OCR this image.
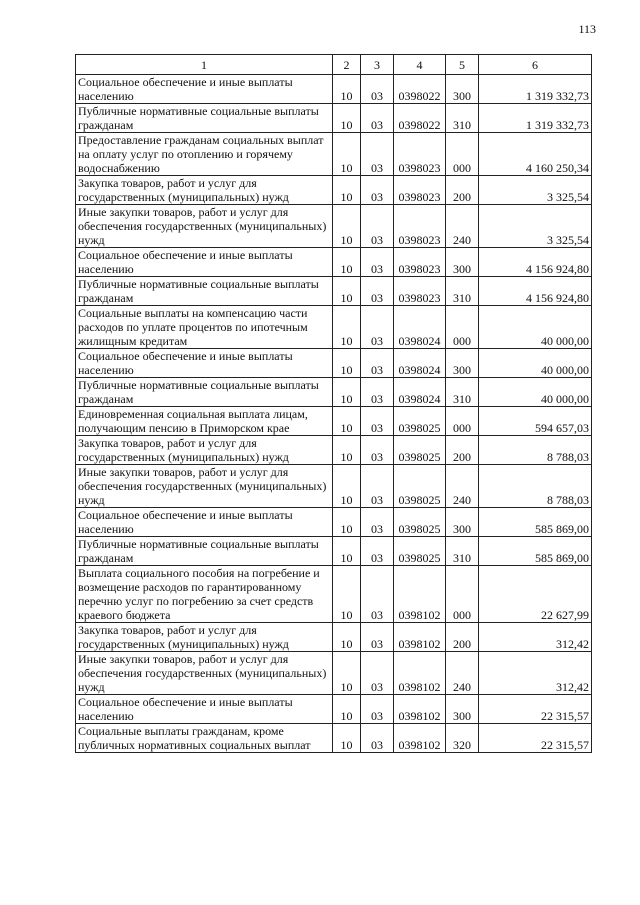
113
1	2	3	4	5	6
Социальное обеспечение и иные выплаты населению	10	03	0398022	300	1 319 332,73
Публичные нормативные социальные выплаты гражданам	10	03	0398022	310	1 319 332,73
Предоставление гражданам социальных выплат на оплату услуг по отоплению и горячему водоснабжению	10	03	0398023	000	4 160 250,34
Закупка товаров, работ и услуг для государственных (муниципальных) нужд	10	03	0398023	200	3 325,54
Иные закупки товаров, работ и услуг для обеспечения государственных (муниципальных) нужд	10	03	0398023	240	3 325,54
Социальное обеспечение и иные выплаты населению	10	03	0398023	300	4 156 924,80
Публичные нормативные социальные выплаты гражданам	10	03	0398023	310	4 156 924,80
Социальные выплаты на компенсацию части расходов по уплате процентов по ипотечным жилищным кредитам	10	03	0398024	000	40 000,00
Социальное обеспечение и иные выплаты населению	10	03	0398024	300	40 000,00
Публичные нормативные социальные выплаты гражданам	10	03	0398024	310	40 000,00
Единовременная социальная выплата лицам, получающим пенсию в Приморском крае	10	03	0398025	000	594 657,03
Закупка товаров, работ и услуг для государственных (муниципальных) нужд	10	03	0398025	200	8 788,03
Иные закупки товаров, работ и услуг для обеспечения государственных (муниципальных) нужд	10	03	0398025	240	8 788,03
Социальное обеспечение и иные выплаты населению	10	03	0398025	300	585 869,00
Публичные нормативные социальные выплаты гражданам	10	03	0398025	310	585 869,00
Выплата социального пособия на погребение и возмещение расходов по гарантированному перечню услуг по погребению за счет средств краевого бюджета	10	03	0398102	000	22 627,99
Закупка товаров, работ и услуг для государственных (муниципальных) нужд	10	03	0398102	200	312,42
Иные закупки товаров, работ и услуг для обеспечения государственных (муниципальных) нужд	10	03	0398102	240	312,42
Социальное обеспечение и иные выплаты населению	10	03	0398102	300	22 315,57
Социальные выплаты гражданам, кроме публичных нормативных социальных выплат	10	03	0398102	320	22 315,57
